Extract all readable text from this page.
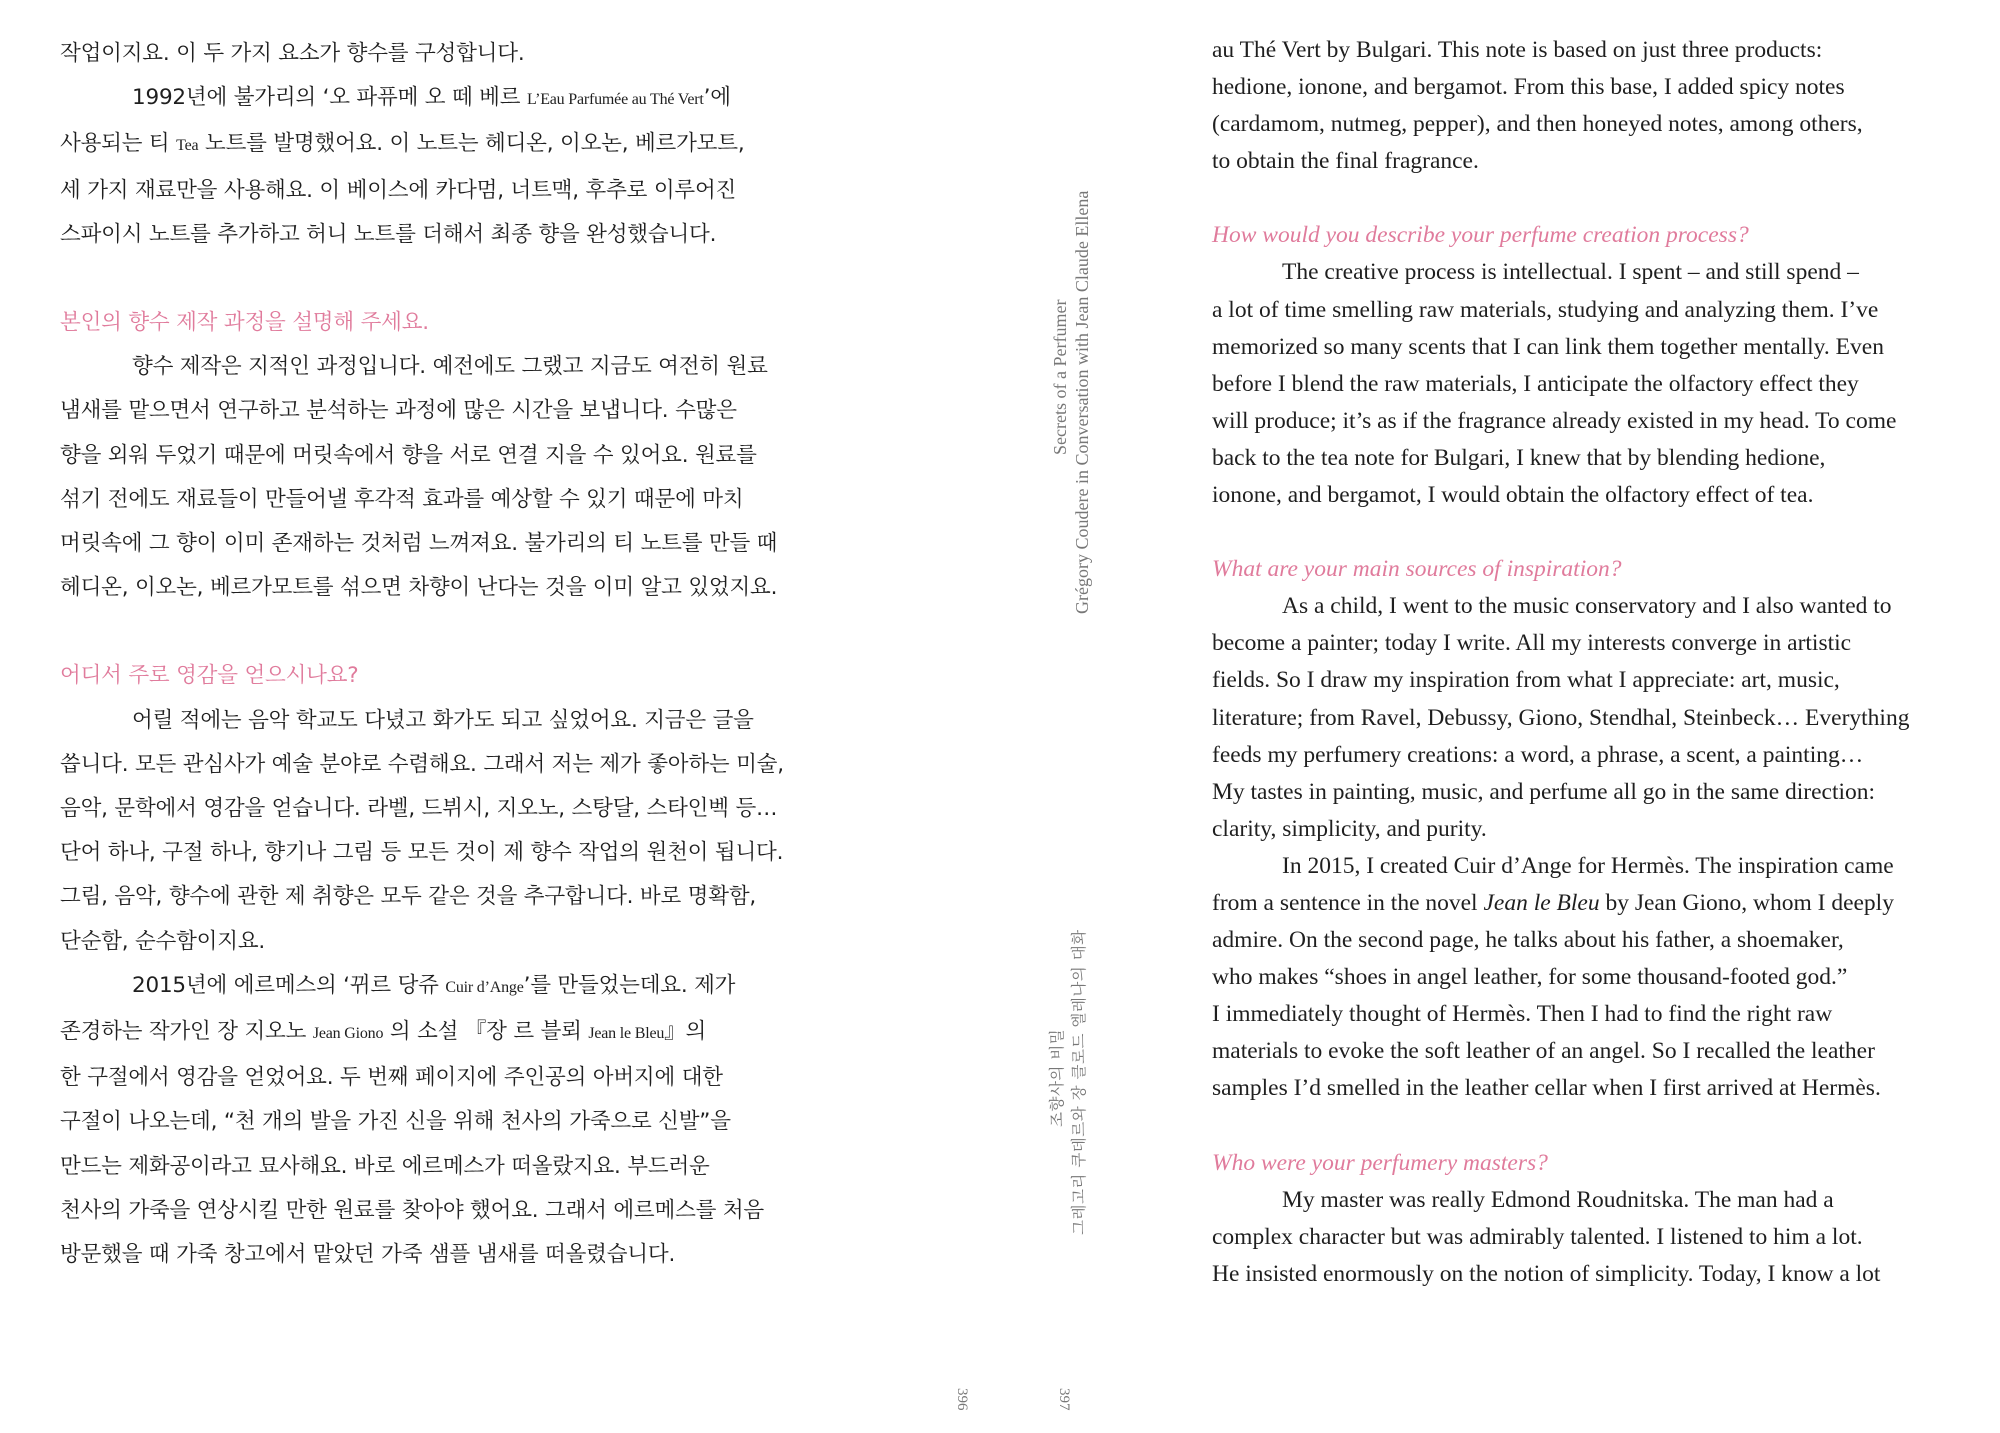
작업이지요. 이 두 가지 요소가 향수를 구성합니다.
1992년에 불가리의 ‘오 파퓨메 오 떼 베르 L’Eau Parfumée au Thé Vert’에
사용되는 티 Tea 노트를 발명했어요. 이 노트는 헤디온, 이오논, 베르가모트,
세 가지 재료만을 사용해요. 이 베이스에 카다멈, 너트맥, 후추로 이루어진
스파이시 노트를 추가하고 허니 노트를 더해서 최종 향을 완성했습니다.
본인의 향수 제작 과정을 설명해 주세요.
향수 제작은 지적인 과정입니다. 예전에도 그랬고 지금도 여전히 원료
냄새를 맡으면서 연구하고 분석하는 과정에 많은 시간을 보냅니다. 수많은
향을 외워 두었기 때문에 머릿속에서 향을 서로 연결 지을 수 있어요. 원료를
섞기 전에도 재료들이 만들어낼 후각적 효과를 예상할 수 있기 때문에 마치
머릿속에 그 향이 이미 존재하는 것처럼 느껴져요. 불가리의 티 노트를 만들 때
헤디온, 이오논, 베르가모트를 섞으면 차향이 난다는 것을 이미 알고 있었지요.
어디서 주로 영감을 얻으시나요?
어릴 적에는 음악 학교도 다녔고 화가도 되고 싶었어요. 지금은 글을
씁니다. 모든 관심사가 예술 분야로 수렴해요. 그래서 저는 제가 좋아하는 미술,
음악, 문학에서 영감을 얻습니다. 라벨, 드뷔시, 지오노, 스탕달, 스타인벡 등…
단어 하나, 구절 하나, 향기나 그림 등 모든 것이 제 향수 작업의 원천이 됩니다.
그림, 음악, 향수에 관한 제 취향은 모두 같은 것을 추구합니다. 바로 명확함,
단순함, 순수함이지요.
2015년에 에르메스의 ‘뀌르 당쥬 Cuir d’Ange’를 만들었는데요. 제가
존경하는 작가인 장 지오노 Jean Giono 의 소설 『장 르 블뢰 Jean le Bleu』의
한 구절에서 영감을 얻었어요. 두 번째 페이지에 주인공의 아버지에 대한
구절이 나오는데, “천 개의 발을 가진 신을 위해 천사의 가죽으로 신발”을
만드는 제화공이라고 묘사해요. 바로 에르메스가 떠올랐지요. 부드러운
천사의 가죽을 연상시킬 만한 원료를 찾아야 했어요. 그래서 에르메스를 처음
방문했을 때 가죽 창고에서 맡았던 가죽 샘플 냄새를 떠올렸습니다.
조향사의 비밀 그레고리 쿠데르와 장 클로드 엘레나의 대화
396
au Thé Vert by Bulgari. This note is based on just three products:
hedione, ionone, and bergamot. From this base, I added spicy notes
(cardamom, nutmeg, pepper), and then honeyed notes, among others,
to obtain the final fragrance.
How would you describe your perfume creation process?
The creative process is intellectual. I spent – and still spend –
a lot of time smelling raw materials, studying and analyzing them. I’ve
memorized so many scents that I can link them together mentally. Even
before I blend the raw materials, I anticipate the olfactory effect they
will produce; it’s as if the fragrance already existed in my head. To come
back to the tea note for Bulgari, I knew that by blending hedione,
ionone, and bergamot, I would obtain the olfactory effect of tea.
What are your main sources of inspiration?
As a child, I went to the music conservatory and I also wanted to
become a painter; today I write. All my interests converge in artistic
fields. So I draw my inspiration from what I appreciate: art, music,
literature; from Ravel, Debussy, Giono, Stendhal, Steinbeck… Everything
feeds my perfumery creations: a word, a phrase, a scent, a painting…
My tastes in painting, music, and perfume all go in the same direction:
clarity, simplicity, and purity.
In 2015, I created Cuir d’Ange for Hermès. The inspiration came
from a sentence in the novel Jean le Bleu by Jean Giono, whom I deeply
admire. On the second page, he talks about his father, a shoemaker,
who makes “shoes in angel leather, for some thousand-footed god.”
I immediately thought of Hermès. Then I had to find the right raw
materials to evoke the soft leather of an angel. So I recalled the leather
samples I’d smelled in the leather cellar when I first arrived at Hermès.
Who were your perfumery masters?
My master was really Edmond Roudnitska. The man had a
complex character but was admirably talented. I listened to him a lot.
He insisted enormously on the notion of simplicity. Today, I know a lot
Secrets of a Perfumer Grégory Coudere in Conversation with Jean Claude Ellena
397
